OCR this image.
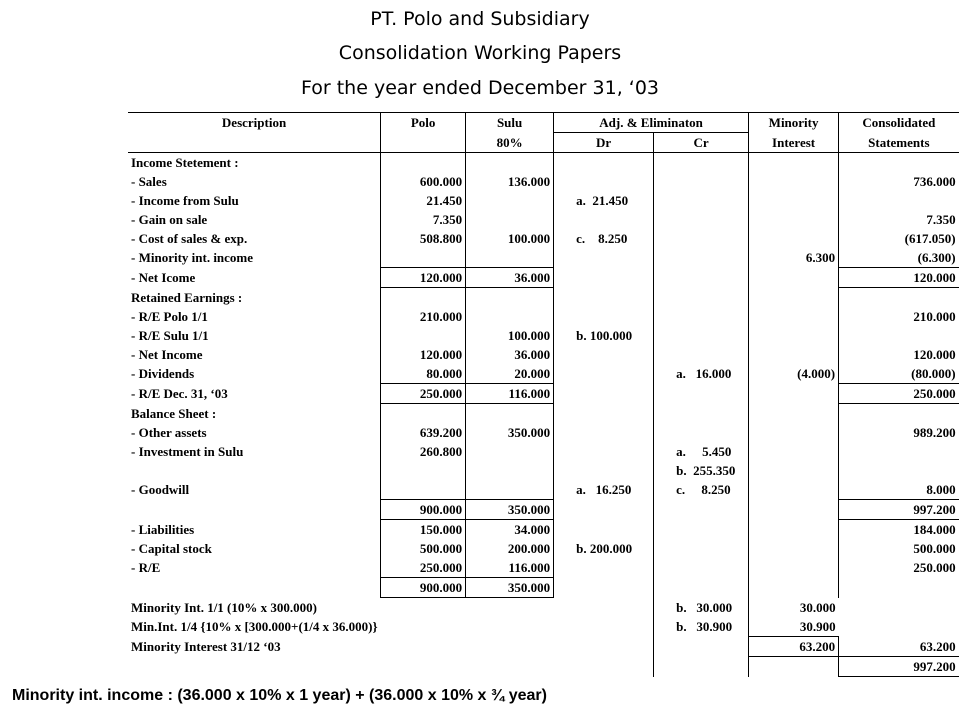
PT. Polo and Subsidiary
Consolidation Working Papers
For the year ended December 31, ‘03
Description	Polo	Sulu	Adj. & Eliminaton		Minority	Consolidated
		80%	Dr	Cr	Interest	Statements
Income Stetement :						
- Sales	600.000	136.000				736.000
- Income from Sulu	21.450		a.  21.450			
- Gain on sale	7.350					7.350
- Cost of sales & exp.	508.800	100.000	c.    8.250			(617.050)
- Minority int. income					6.300	(6.300)
- Net Icome	120.000	36.000				120.000
Retained Earnings :						
- R/E Polo 1/1	210.000					210.000
- R/E Sulu 1/1		100.000	b. 100.000			
- Net Income	120.000	36.000				120.000
- Dividends	80.000	20.000		a.   16.000	(4.000)	(80.000)
- R/E Dec. 31, ‘03	250.000	116.000				250.000
Balance Sheet :						
- Other assets	639.200	350.000				989.200
- Investment in Sulu	260.800			a.     5.450		
				b.  255.350		
- Goodwill			a.   16.250	c.     8.250		8.000
	900.000	350.000				997.200
- Liabilities	150.000	34.000				184.000
- Capital stock	500.000	200.000	b. 200.000			500.000
- R/E	250.000	116.000				250.000
	900.000	350.000				
Minority Int. 1/1 (10% x 300.000)				b.   30.000	30.000	
Min.Int. 1/4 {10% x [300.000+(1/4 x 36.000)}				b.   30.900	30.900	
Minority Interest 31/12 ‘03					63.200	63.200
						997.200
Minority int. income : (36.000 x 10% x 1 year) + (36.000 x 10% x ¾ year)
